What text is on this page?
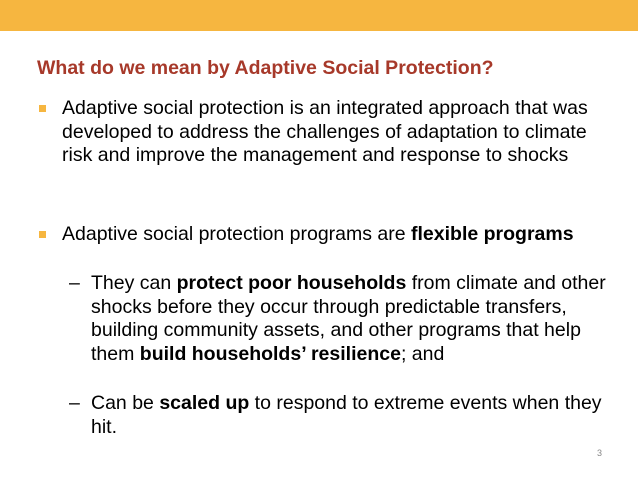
What do we mean by Adaptive Social Protection?
Adaptive social protection is an integrated approach that was developed to address the challenges of adaptation to climate risk and improve the management and response to shocks
Adaptive social protection programs are flexible programs
– They can protect poor households from climate and other shocks before they occur through predictable transfers, building community assets, and other programs that help them build households’ resilience; and
– Can be scaled up to respond to extreme events when they hit.
3
